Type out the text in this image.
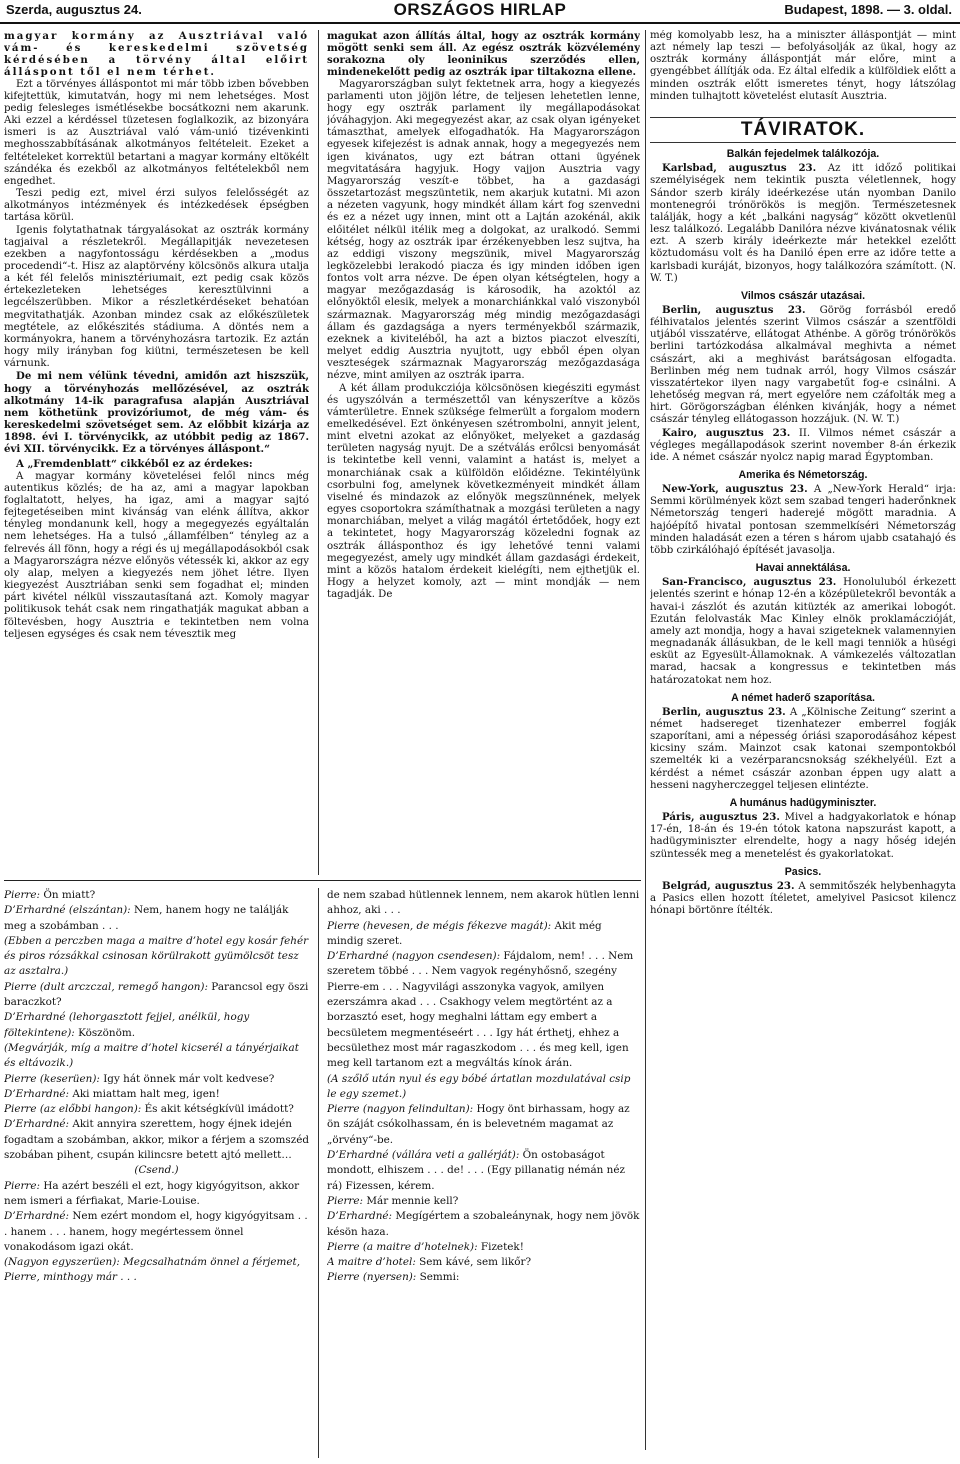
Szerda, augusztus 24.	ORSZÁGOS HIRLAP	Budapest, 1898. — 3. oldal.

magyar kormány az Ausztriával való vám- és kereskedelmi szövetség kérdésében a törvény által előirt álláspont től el nem térhet.

Ezt a törvényes álláspontot mi már több izben bővebben kifejtettük, kimutatván, hogy mi nem lehetséges. Most pedig felesleges ismétlésekbe bocsátkozni nem akarunk. Aki ezzel a kérdéssel tüzetesen foglalkozik, az bizonyára ismeri is az Ausztriával való vám-unió tizévenkinti meghosszabbításának alkotmányos feltételeit. Ezeket a feltételeket korrektül betartani a magyar kormány eltökélt szándéka és ezekből az alkotmányos feltételekből nem engedhet.

Teszi pedig ezt, mivel érzi sulyos felelősségét az alkotmányos intézmények és intézkedések épségben tartása körül.

Igenis folytathatnak tárgyalásokat az osztrák kormány tagjaival a részletekről. Megállapitják nevezetesen ezekben a nagyfontosságu kérdésekben a „modus procedendi“-t. Hisz az alaptörvény kölcsönös alkura utalja a két fél felelős minisztériumait, ezt pedig csak közös értekezleteken lehetséges keresztülvinni a legcélszerübben. Mikor a részletkérdéseket behatóan megvitathatják. Azonban mindez csak az előkészületek megtétele, az előkészités stádiuma. A döntés nem a kormányokra, hanem a törvényhozásra tartozik. Ez aztán hogy mily irányban fog kiütni, természetesen be kell várnunk.

De mi nem vélünk tévedni, amidőn azt hiszszük, hogy a törvényhozás mellőzésével, az osztrák alkotmány 14-ik paragrafusa alapján Ausztriával nem köthetünk provizóriumot, de még vám- és kereskedelmi szövetséget sem. Az előbbit kizárja az 1898. évi I. törvénycikk, az utóbbit pedig az 1867. évi XII. törvénycikk. Ez a törvényes álláspont.“

A „Fremdenblatt“ cikkéből ez az érdekes:

A magyar kormány követelései felől nincs még autentikus közlés; de ha az, ami a magyar lapokban foglaltatott, helyes, ha igaz, ami a magyar sajtó fejtegetéseiben mint kivánság van elénk állítva, akkor tényleg mondanunk kell, hogy a megegyezés egyáltalán nem lehetséges. Ha a tulsó „államfélben“ tényleg az a felrevés áll fönn, hogy a régi és uj megállapodásokból csak a Magyarországra nézve előnyös vétessék ki, akkor az egy oly alap, melyen a kiegyezés nem jöhet létre. Ilyen kiegyezést Ausztriában senki sem fogadhat el; minden párt kivétel nélkül visszautasítaná azt. Komoly magyar politikusok tehát csak nem ringathatják magukat abban a föltevésben, hogy Ausztria e tekintetben nem volna teljesen egységes és csak nem tévesztik meg

magukat azon állítás által, hogy az osztrák kormány mögött senki sem áll. Az egész osztrák közvélemény sorakozna oly leoninikus szerződés ellen, mindenekelőtt pedig az osztrák ipar tiltakozna ellene.

Magyarországban sulyt fektetnek arra, hogy a kiegyezés parlamenti uton jöjjön létre, de teljesen lehetetlen lenne, hogy egy osztrák parlament ily megállapodásokat jóváhagyjon. Aki megegyezést akar, az csak olyan igényeket támaszthat, amelyek elfogadhatók. Ha Magyarországon egyesek kifejezést is adnak annak, hogy a megegyezés nem igen kivánatos, ugy ezt bátran ottani ügyének megvitatására hagyjuk. Hogy vajjon Ausztria vagy Magyarország veszít-e többet, ha a gazdasági összetartozást megszüntetik, nem akarjuk kutatni. Mi azon a nézeten vagyunk, hogy mindkét állam kárt fog szenvedni és ez a nézet ugy innen, mint ott a Lajtán azokénál, akik előitélet nélkül itélik meg a dolgokat, az uralkodó. Semmi kétség, hogy az osztrák ipar érzékenyebben lesz sujtva, ha az eddigi viszony megszünik, mivel Magyarország legközelebbi lerakodó piacza és igy minden időben igen fontos volt arra nézve. De épen olyan kétségtelen, hogy a magyar mezőgazdaság is károsodik, ha azoktól az előnyöktől elesik, melyek a monarchiánkkal való viszonyból származnak. Magyarország még mindig mezőgazdasági állam és gazdagsága a nyers terményekből származik, ezeknek a kiviteléből, ha azt a biztos piaczot elveszíti, melyet eddig Ausztria nyujtott, ugy ebből épen olyan veszteségek származnak Magyarország mezőgazdasága nézve, mint amilyen az osztrák iparra.

A két állam produkcziója kölcsönösen kiegésziti egymást és ugyszólván a természettől van kényszerítve a közös vámterületre. Ennek szüksége felmerült a forgalom modern emelkedésével. Ezt önkényesen szétrombolni, annyit jelent, mint elvetni azokat az előnyöket, melyeket a gazdaság területen nagyság nyujt. De a szétválás erőlcsi benyomását is tekintetbe kell venni, valamint a hatást is, melyet a monarchiának csak a külföldön előidézne. Tekintélyünk csorbulni fog, amelynek következményeit mindkét állam viselné és mindazok az előnyök megszünnének, melyek egyes csoportokra számíthatnak a mozgási területen a nagy monarchiában, melyet a világ magától értetődőek, hogy ezt a tekintetet, hogy Magyarország közeledni fognak az osztrák állásponthoz és igy lehetővé tenni valami megegyezést, amely ugy mindkét állam gazdasági érdekeit, mint a közös hatalom érdekeit kielégíti, nem ejthetjük el. Hogy a helyzet komoly, azt — mint mondják — nem tagadják. De

még komolyabb lesz, ha a miniszter álláspontját — mint azt némely lap teszi — befolyásolják az ükal, hogy az osztrák kormány álláspontját már előre, mint a gyengébbet állítják oda. Ez által elfedik a külföldiek előtt a minden osztrák előtt ismeretes tényt, hogy látszólag minden tulhajtott követelést elutasít Ausztria.

TÁVIRATOK.
Balkán fejedelmek találkozója.

Karlsbad, augusztus 23. Az itt időző politikai személyiségek nem tekintik puszta véletlennek, hogy Sándor szerb király ideérkezése után nyomban Danilo montenegrói trónörökös is megjön. Természetesnek találják, hogy a két „balkáni nagyság“ között okvetlenül lesz találkozó. Legalább Danilóra nézve kivánatosnak vélik ezt. A szerb király ideérkezte már hetekkel ezelőtt köztudomásu volt és ha Daniló épen erre az időre tette a karlsbadi kuráját, bizonyos, hogy találkozóra számított. (N. W. T.)

Vilmos császár utazásai.

Berlin, augusztus 23. Görög forrásból eredő félhivatalos jelentés szerint Vilmos császár a szentföldi utjából visszatérve, ellátogat Athénbe. A görög trónörökös berlini tartózkodása alkalmával meghivta a német császárt, aki a meghivást barátságosan elfogadta. Berlinben még nem tudnak arról, hogy Vilmos császár visszatértekor ilyen nagy vargabetűt fog-e csinálni. A lehetőség megvan rá, mert egyelőre nem czáfolták meg a hirt. Görögországban élénken kivánják, hogy a német császár tényleg ellátogasson hozzájuk. (N. W. T.)

Kairo, augusztus 23. II. Vilmos német császár a végleges megállapodások szerint november 8-án érkezik ide. A német császár nyolcz napig marad Égyptomban.

Amerika és Németország.

New-York, augusztus 23. A „New-York Herald“ irja: Semmi körülmények közt sem szabad tengeri haderőnknek Németország tengeri haderejé mögött maradnia. A hajóépítő hivatal pontosan szemmelkíséri Németország minden haladását ezen a téren s három ujabb csatahajó és több czirkálóhajó építését javasolja.

Havai annektálása.

San-Francisco, augusztus 23. Honoluluból érkezett jelentés szerint e hónap 12-én a középületekről bevonták a havai-i zászlót és azután kitüzték az amerikai lobogót. Ezután felolvasták Mac Kinley elnök proklamáczióját, amely azt mondja, hogy a havai szigeteknek valamennyien megnadanák állásukban, de le kell magi tenniök a hüségi esküt az Egyesült-Államoknak. A vámkezelés változatlan marad, hacsak a kongressus e tekintetben más határozatokat nem hoz.

A német haderő szaporítása.

Berlin, augusztus 23. A „Kölnische Zeitung“ szerint a német hadsereget tizenhatezer emberrel fogják szaporítani, ami a népesség óriási szaporodásához képest kicsiny szám. Mainzot csak katonai szempontokból szemelték ki a vezérparancsnokság székhelyéül. Ezt a kérdést a német császár azonban éppen ugy alatt a hesseni nagyherczeggel teljesen elintézte.

A humánus hadügyminiszter.

Páris, augusztus 23. Mivel a hadgyakorlatok e hónap 17-én, 18-án és 19-én tótok katona napszurást kapott, a hadügyminiszter elrendelte, hogy a nagy hőség idején szüntessék meg a menetelést és gyakorlatokat.

Pasics.

Belgrád, augusztus 23. A semmitőszék helybenhagyta a Pasics ellen hozott ítéletet, amelyivel Pasicsot kilencz hónapi börtönre ítélték.

Pierre: Ön miatt?

D’Erhardné (elszántan): Nem, hanem hogy ne találják meg a szobámban . . .

(Ebben a perczben maga a maitre d’hotel egy kosár fehér és piros rózsákkal csinosan körülrakott gyümölcsöt tesz az asztalra.)

Pierre (dult arczczal, remegő hangon): Parancsol egy öszi baraczkot?

D’Erhardné (lehorgasztott fejjel, anélkül, hogy föltekintene): Köszönöm.

(Megvárják, míg a maitre d’hotel kicserél a tányérjaikat és eltávozik.)

Pierre (keserüen): Igy hát önnek már volt kedvese?

D’Erhardné: Aki miattam halt meg, igen!

Pierre (az előbbi hangon): És akit kétségkívül imádott?

D’Erhardné: Akit annyira szerettem, hogy éjnek idején fogadtam a szobámban, akkor, mikor a férjem a szomszéd szobában pihent, csupán kilincsre betett ajtó mellett…

(Csend.)

Pierre: Ha azért beszéli el ezt, hogy kigyógyitson, akkor nem ismeri a férfiakat, Marie-Louise.

D’Erhardné: Nem ezért mondom el, hogy kigyógyitsam . . . hanem . . . hanem, hogy megértessem önnel vonakodásom igazi okát.

(Nagyon egyszerüen): Megcsalhatnám önnel a férjemet, Pierre, minthogy már . . .

de nem szabad hütlennek lennem, nem akarok hütlen lenni ahhoz, aki . . .

Pierre (hevesen, de mégis fékezve magát): Akit még mindig szeret.

D’Erhardné (nagyon csendesen): Fájdalom, nem! . . . Nem szeretem többé . . . Nem vagyok regényhősnő, szegény Pierre-em . . . Nagyvilági asszonyka vagyok, amilyen ezerszámra akad . . . Csakhogy velem megtörtént az a borzasztó eset, hogy meghalni láttam egy embert a becsületem megmentéseért . . . Igy hát érthetj, ehhez a becsülethez most már ragaszkodom . . . és meg kell, igen meg kell tartanom ezt a megváltás kínok árán.

(A szőlő után nyul és egy bóbé ártatlan mozdulatával csip le egy szemet.)

Pierre (nagyon felindultan): Hogy önt birhassam, hogy az ön száját csókolhassam, én is belevetném magamat az „örvény“-be.

D’Erhardné (vállára veti a gallérját): Ön ostobaságot mondott, elhiszem . . . de! . . . (Egy pillanatig némán néz rá) Fizessen, kérem.

Pierre: Már mennie kell?

D’Erhardné: Megígértem a szobaleánynak, hogy nem jövök késön haza.

Pierre (a maitre d’hotelnek): Fizetek!

A maitre d’hotel: Sem kávé, sem likőr?

Pierre (nyersen): Semmi:
